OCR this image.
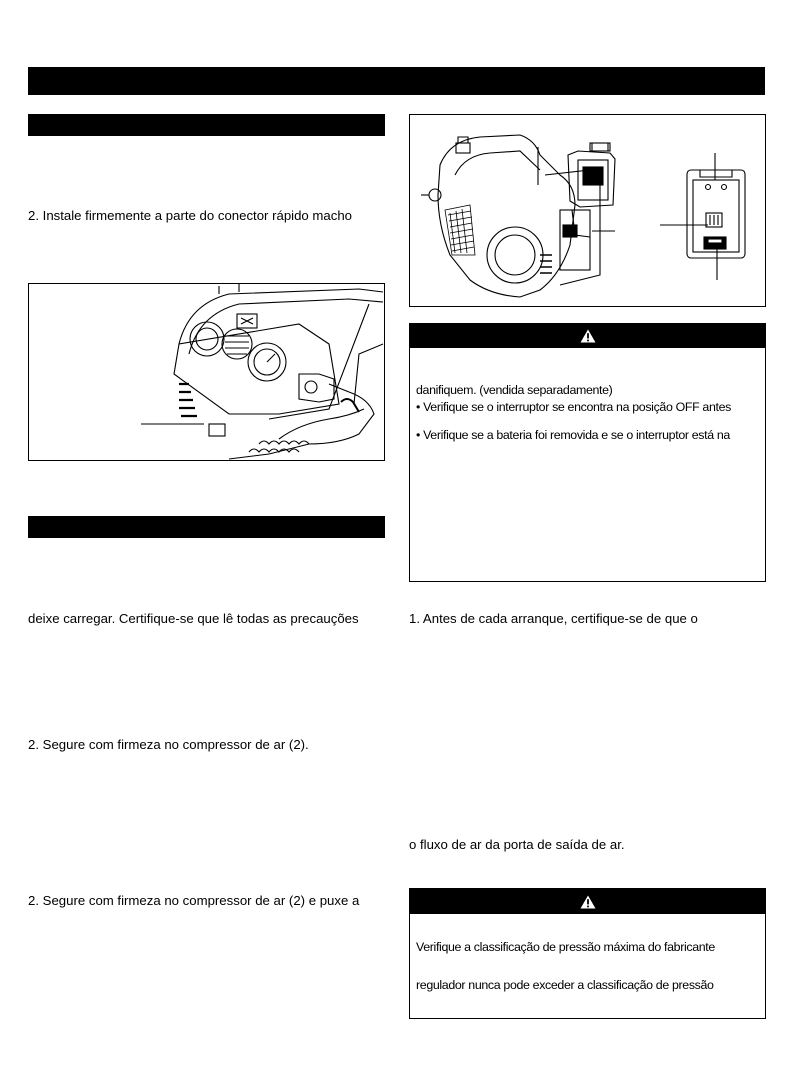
2. Instale firmemente a parte do conector rápido macho
deixe carregar. Certifique-se que lê todas as precauções
2. Segure com firmeza no compressor de ar (2).
2. Segure com firmeza no compressor de ar (2) e puxe a
danifiquem. (vendida separadamente)
• Verifique se o interruptor se encontra na posição OFF antes
• Verifique se a bateria foi removida e se o interruptor está na
1. Antes de cada arranque, certifique-se de que o
o fluxo de ar da porta de saída de ar.
Verifique a classificação de pressão máxima do fabricante
regulador nunca pode exceder a classificação de pressão
